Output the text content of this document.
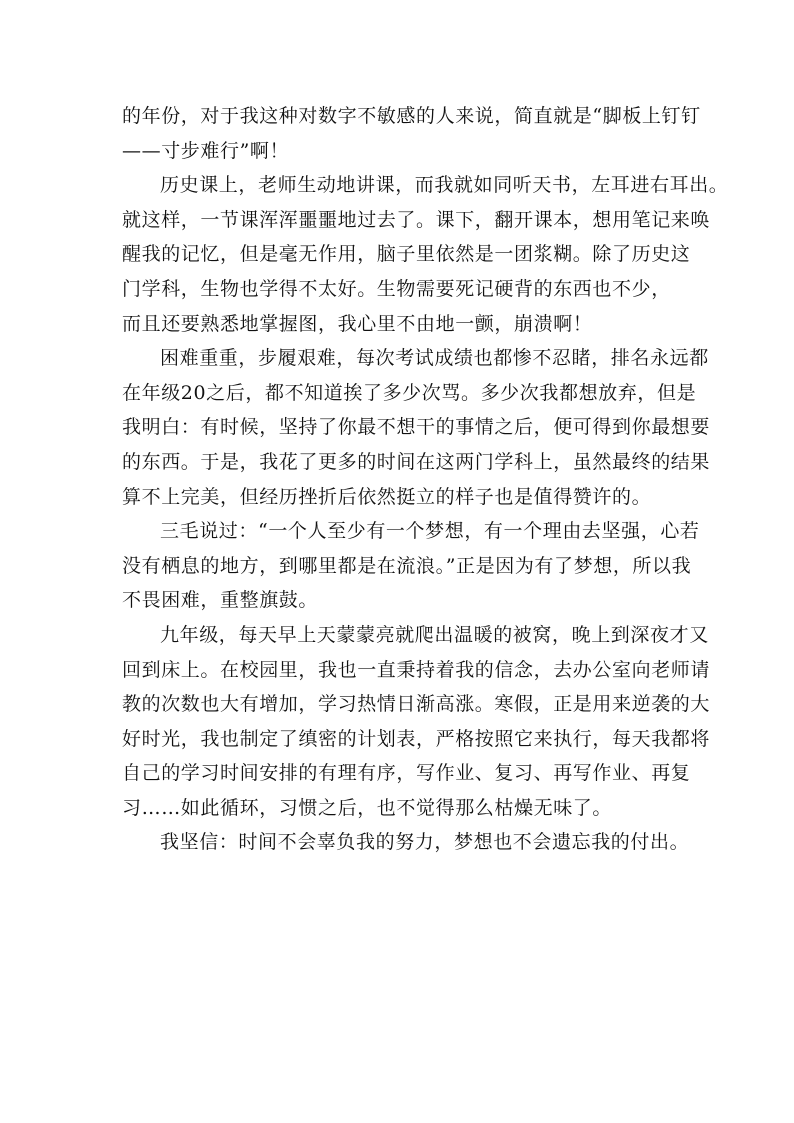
的年份，对于我这种对数字不敏感的人来说，简直就是“脚板上钉钉
——寸步难行”啊！
历史课上，老师生动地讲课，而我就如同听天书，左耳进右耳出。
就这样，一节课浑浑噩噩地过去了。课下，翻开课本，想用笔记来唤
醒我的记忆，但是毫无作用，脑子里依然是一团浆糊。除了历史这
门学科，生物也学得不太好。生物需要死记硬背的东西也不少，
而且还要熟悉地掌握图，我心里不由地一颤，崩溃啊！
困难重重，步履艰难，每次考试成绩也都惨不忍睹，排名永远都
在年级20之后，都不知道挨了多少次骂。多少次我都想放弃，但是
我明白：有时候，坚持了你最不想干的事情之后，便可得到你最想要
的东西。于是，我花了更多的时间在这两门学科上，虽然最终的结果
算不上完美，但经历挫折后依然挺立的样子也是值得赞许的。
三毛说过：“一个人至少有一个梦想，有一个理由去坚强，心若
没有栖息的地方，到哪里都是在流浪。”正是因为有了梦想，所以我
不畏困难，重整旗鼓。
九年级，每天早上天蒙蒙亮就爬出温暖的被窝，晚上到深夜才又
回到床上。在校园里，我也一直秉持着我的信念，去办公室向老师请
教的次数也大有增加，学习热情日渐高涨。寒假，正是用来逆袭的大
好时光，我也制定了缜密的计划表，严格按照它来执行，每天我都将
自己的学习时间安排的有理有序，写作业、复习、再写作业、再复
习……如此循环，习惯之后，也不觉得那么枯燥无味了。
我坚信：时间不会辜负我的努力，梦想也不会遗忘我的付出。
